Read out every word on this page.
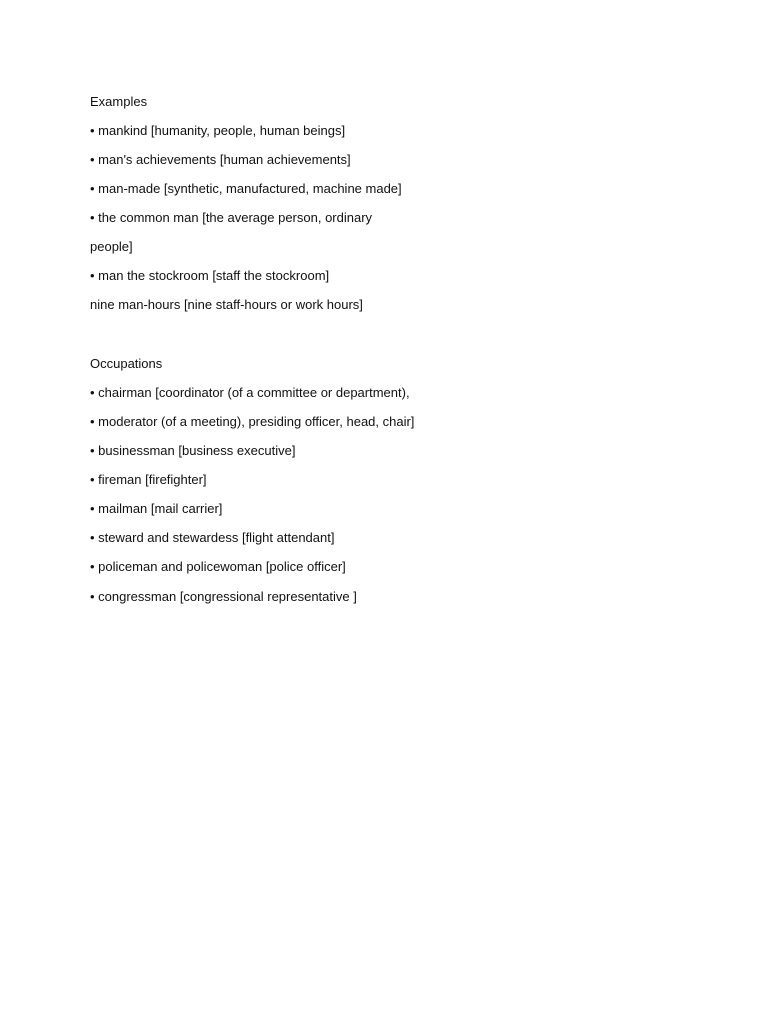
Examples

• mankind [humanity, people, human beings]

• man's achievements [human achievements]

• man-made [synthetic, manufactured, machine made]

• the common man [the average person, ordinary

people]

• man the stockroom [staff the stockroom]

nine man-hours [nine staff-hours or work hours]

Occupations

• chairman [coordinator (of a committee or department),

• moderator (of a meeting), presiding officer, head, chair]

• businessman [business executive]

• fireman [firefighter]

• mailman [mail carrier]

• steward and stewardess [flight attendant]

• policeman and policewoman [police officer]

• congressman [congressional representative ]
